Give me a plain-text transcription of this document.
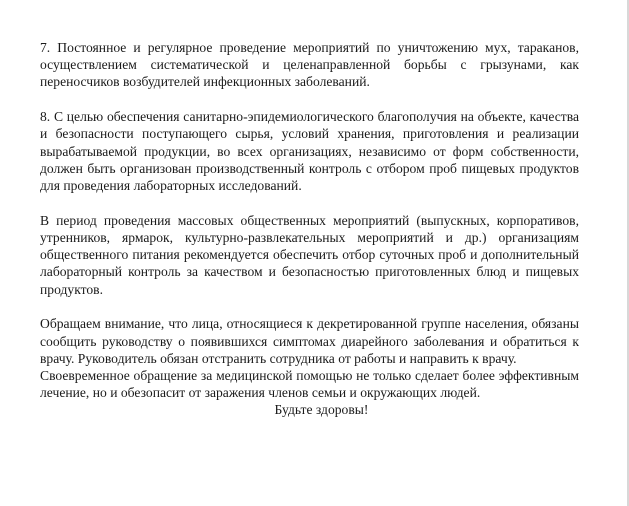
7. Постоянное и регулярное проведение мероприятий по уничтожению мух, тараканов, осуществлением систематической и целенаправленной борьбы с грызунами, как переносчиков возбудителей инфекционных заболеваний.

8. С целью обеспечения санитарно-эпидемиологического благополучия на объекте, качества и безопасности поступающего сырья, условий хранения, приготовления и реализации вырабатываемой продукции, во всех организациях, независимо от форм собственности, должен быть организован производственный контроль с отбором проб пищевых продуктов для проведения лабораторных исследований.

В период проведения массовых общественных мероприятий (выпускных, корпоративов, утренников, ярмарок, культурно-развлекательных мероприятий и др.) организациям общественного питания рекомендуется обеспечить отбор суточных проб и дополнительный лабораторный контроль за качеством и безопасностью приготовленных блюд и пищевых продуктов.

Обращаем внимание, что лица, относящиеся к декретированной группе населения, обязаны сообщить руководству о появившихся симптомах диарейного заболевания и обратиться к врачу. Руководитель обязан отстранить сотрудника от работы и направить к врачу.

Своевременное обращение за медицинской помощью не только сделает более эффективным лечение, но и обезопасит от заражения членов семьи и окружающих людей.

Будьте здоровы!
